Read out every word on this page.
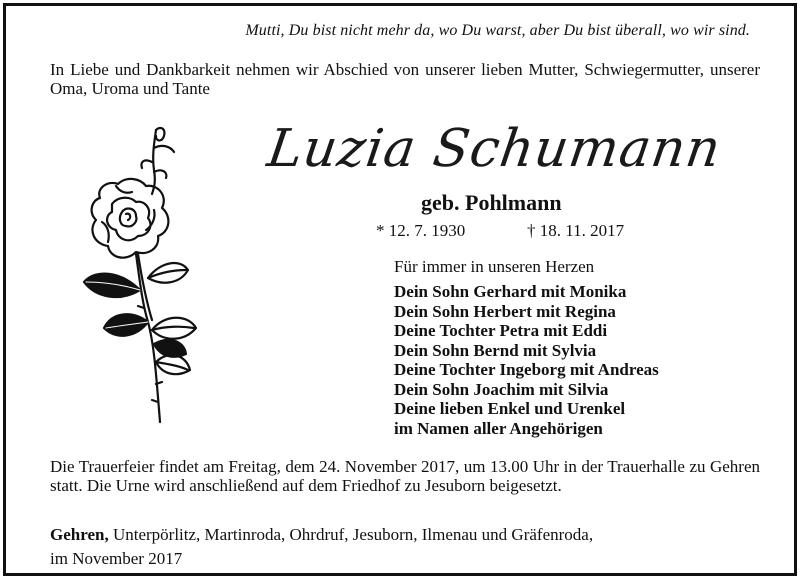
Mutti, Du bist nicht mehr da, wo Du warst, aber Du bist überall, wo wir sind.
In Liebe und Dankbarkeit nehmen wir Abschied von unserer lieben Mutter, Schwiegermutter, unserer Oma, Uroma und Tante
Luzia Schumann
geb. Pohlmann
* 12. 7. 1930	† 18. 11. 2017
Für immer in unseren Herzen
Dein Sohn Gerhard mit Monika
Dein Sohn Herbert mit Regina
Deine Tochter Petra mit Eddi
Dein Sohn Bernd mit Sylvia
Deine Tochter Ingeborg mit Andreas
Dein Sohn Joachim mit Silvia
Deine lieben Enkel und Urenkel
im Namen aller Angehörigen
Die Trauerfeier findet am Freitag, dem 24. November 2017, um 13.00 Uhr in der Trauerhalle zu Gehren statt. Die Urne wird anschließend auf dem Friedhof zu Jesuborn beigesetzt.
Gehren, Unterpörlitz, Martinroda, Ohrdruf, Jesuborn, Ilmenau und Gräfenroda,
im November 2017
